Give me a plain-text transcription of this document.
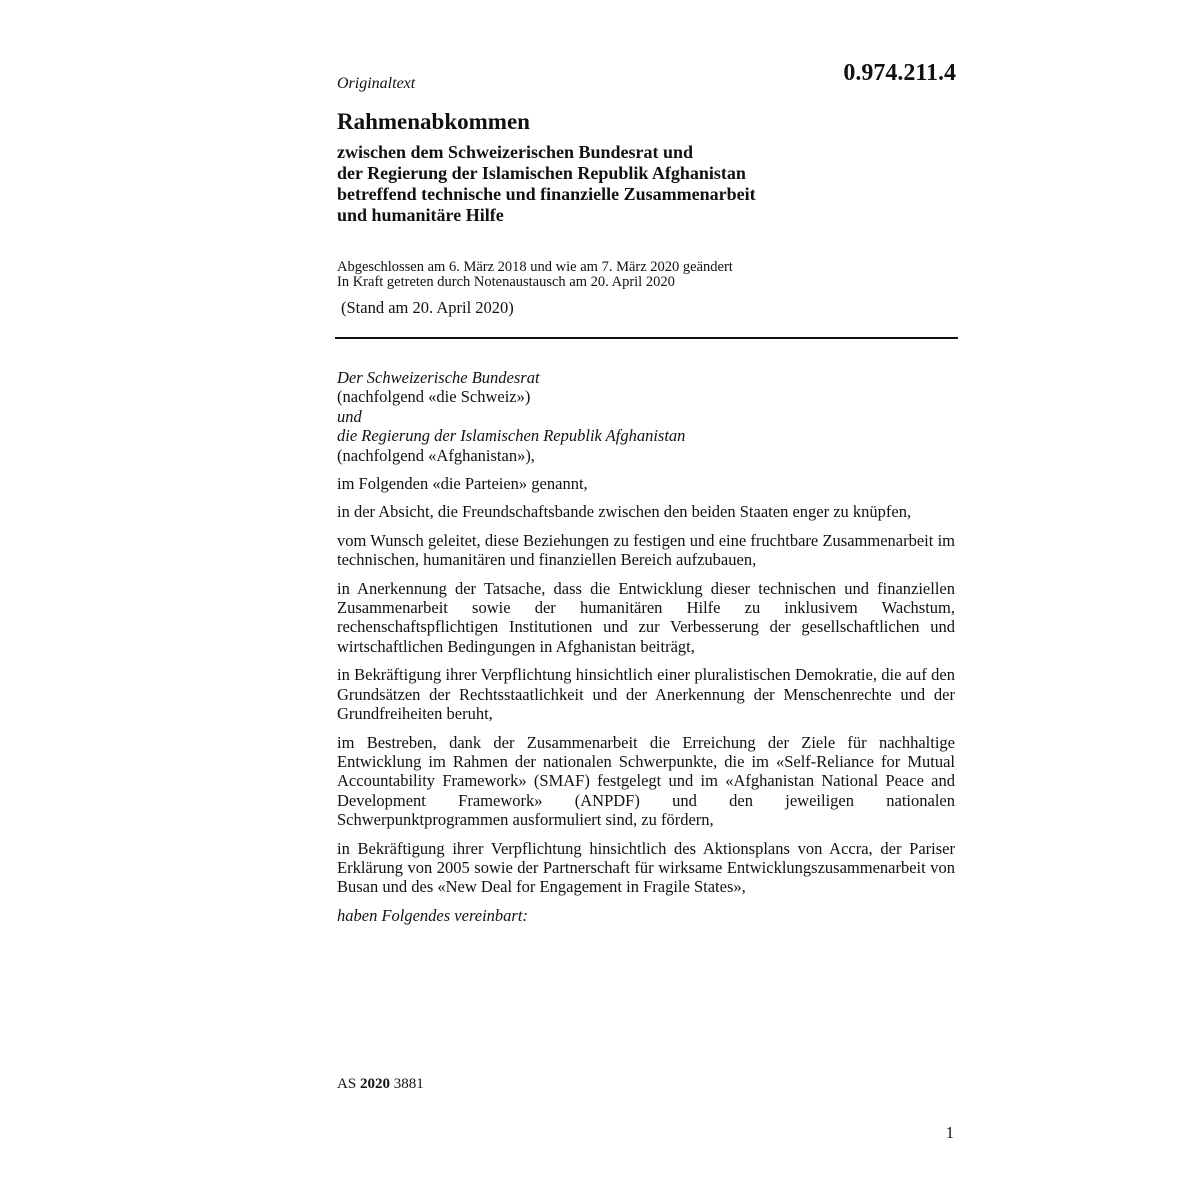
0.974.211.4
Originaltext
Rahmenabkommen
zwischen dem Schweizerischen Bundesrat und
der Regierung der Islamischen Republik Afghanistan
betreffend technische und finanzielle Zusammenarbeit
und humanitäre Hilfe
Abgeschlossen am 6. März 2018 und wie am 7. März 2020 geändert
In Kraft getreten durch Notenaustausch am 20. April 2020
(Stand am 20. April 2020)
Der Schweizerische Bundesrat
(nachfolgend «die Schweiz»)
und
die Regierung der Islamischen Republik Afghanistan
(nachfolgend «Afghanistan»),

im Folgenden «die Parteien» genannt,

in der Absicht, die Freundschaftsbande zwischen den beiden Staaten enger zu knüpfen,

vom Wunsch geleitet, diese Beziehungen zu festigen und eine fruchtbare Zusammenarbeit im technischen, humanitären und finanziellen Bereich aufzubauen,

in Anerkennung der Tatsache, dass die Entwicklung dieser technischen und finanziellen Zusammenarbeit sowie der humanitären Hilfe zu inklusivem Wachstum, rechenschaftspflichtigen Institutionen und zur Verbesserung der gesellschaftlichen und wirtschaftlichen Bedingungen in Afghanistan beiträgt,

in Bekräftigung ihrer Verpflichtung hinsichtlich einer pluralistischen Demokratie, die auf den Grundsätzen der Rechtsstaatlichkeit und der Anerkennung der Menschenrechte und der Grundfreiheiten beruht,

im Bestreben, dank der Zusammenarbeit die Erreichung der Ziele für nachhaltige Entwicklung im Rahmen der nationalen Schwerpunkte, die im «Self-Reliance for Mutual Accountability Framework» (SMAF) festgelegt und im «Afghanistan National Peace and Development Framework» (ANPDF) und den jeweiligen nationalen Schwerpunktprogrammen ausformuliert sind, zu fördern,

in Bekräftigung ihrer Verpflichtung hinsichtlich des Aktionsplans von Accra, der Pariser Erklärung von 2005 sowie der Partnerschaft für wirksame Entwicklungszusammenarbeit von Busan und des «New Deal for Engagement in Fragile States»,

haben Folgendes vereinbart:

AS 2020 3881
1
